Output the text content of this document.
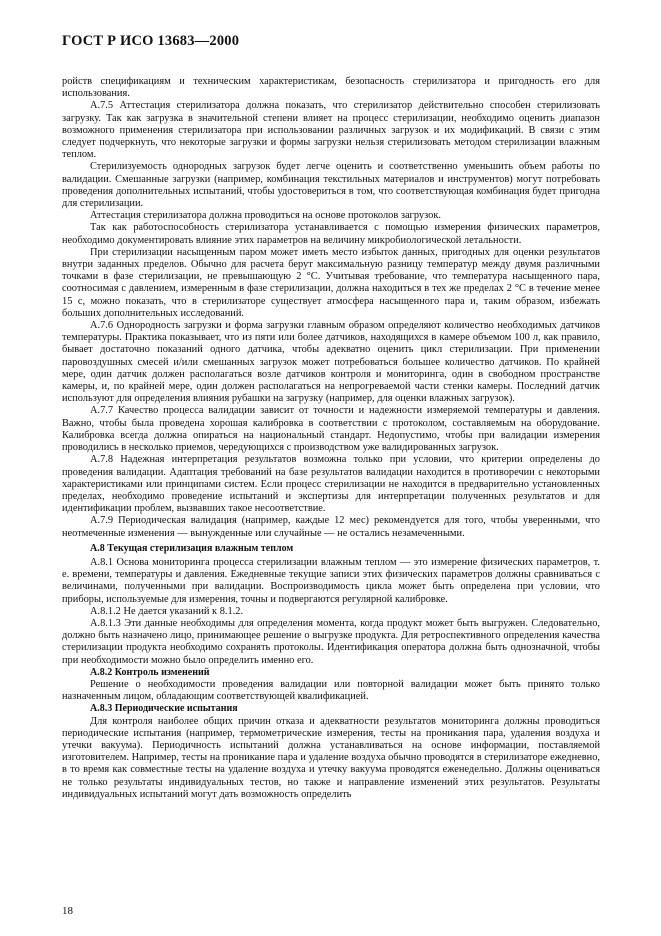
ГОСТ Р ИСО 13683—2000

ройств спецификациям и техническим характеристикам, безопасность стерилизатора и пригодность его для использования.

А.7.5 Аттестация стерилизатора должна показать, что стерилизатор действительно способен стерилизовать загрузку. Так как загрузка в значительной степени влияет на процесс стерилизации, необходимо оценить диапазон возможного применения стерилизатора при использовании различных загрузок и их модификаций. В связи с этим следует подчеркнуть, что некоторые загрузки и формы загрузки нельзя стерилизовать методом стерилизации влажным теплом.

Стерилизуемость однородных загрузок будет легче оценить и соответственно уменьшить объем работы по валидации. Смешанные загрузки (например, комбинация текстильных материалов и инструментов) могут потребовать проведения дополнительных испытаний, чтобы удостовериться в том, что соответствующая комбинация будет пригодна для стерилизации.

Аттестация стерилизатора должна проводиться на основе протоколов загрузок.

Так как работоспособность стерилизатора устанавливается с помощью измерения физических параметров, необходимо документировать влияние этих параметров на величину микробиологической летальности.

При стерилизации насыщенным паром может иметь место избыток данных, пригодных для оценки результатов внутри заданных пределов. Обычно для расчета берут максимальную разницу температур между двумя различными точками в фазе стерилизации, не превышающую 2 °С. Учитывая требование, что температура насыщенного пара, соотносимая с давлением, измеренным в фазе стерилизации, должна находиться в тех же пределах 2 °С в течение менее 15 с, можно показать, что в стерилизаторе существует атмосфера насыщенного пара и, таким образом, избежать больших дополнительных исследований.

А.7.6 Однородность загрузки и форма загрузки главным образом определяют количество необходимых датчиков температуры. Практика показывает, что из пяти или более датчиков, находящихся в камере объемом 100 л, как правило, бывает достаточно показаний одного датчика, чтобы адекватно оценить цикл стерилизации. При применении паровоздушных смесей и/или смешанных загрузок может потребоваться большее количество датчиков. По крайней мере, один датчик должен располагаться возле датчиков контроля и мониторинга, один в свободном пространстве камеры, и, по крайней мере, один должен располагаться на непрогреваемой части стенки камеры. Последний датчик используют для определения влияния рубашки на загрузку (например, для оценки влажных загрузок).

А.7.7 Качество процесса валидации зависит от точности и надежности измеряемой температуры и давления. Важно, чтобы была проведена хорошая калибровка в соответствии с протоколом, составляемым на оборудование. Калибровка всегда должна опираться на национальный стандарт. Недопустимо, чтобы при валидации измерения проводились в несколько приемов, чередующихся с производством уже валидированных загрузок.

А.7.8 Надежная интерпретация результатов возможна только при условии, что критерии определены до проведения валидации. Адаптация требований на базе результатов валидации находится в противоречии с некоторыми характеристиками или принципами систем. Если процесс стерилизации не находится в предварительно установленных пределах, необходимо проведение испытаний и экспертизы для интерпретации полученных результатов и для идентификации проблем, вызвавших такое несоответствие.

А.7.9 Периодическая валидация (например, каждые 12 мес) рекомендуется для того, чтобы уверенными, что неотмеченные изменения — вынужденные или случайные — не остались незамеченными.

А.8 Текущая стерилизация влажным теплом

А.8.1 Основа мониторинга процесса стерилизации влажным теплом — это измерение физических параметров, т. е. времени, температуры и давления. Ежедневные текущие записи этих физических параметров должны сравниваться с величинами, полученными при валидации. Воспроизводимость цикла может быть определена при условии, что приборы, используемые для измерения, точны и подвергаются регулярной калибровке.

А.8.1.2 Не дается указаний к 8.1.2.

А.8.1.3 Эти данные необходимы для определения момента, когда продукт может быть выгружен. Следовательно, должно быть назначено лицо, принимающее решение о выгрузке продукта. Для ретроспективного определения качества стерилизации продукта необходимо сохранять протоколы. Идентификация оператора должна быть однозначной, чтобы при необходимости можно было определить именно его.

А.8.2 Контроль изменений

Решение о необходимости проведения валидации или повторной валидации может быть принято только назначенным лицом, обладающим соответствующей квалификацией.

А.8.3 Периодические испытания

Для контроля наиболее общих причин отказа и адекватности результатов мониторинга должны проводиться периодические испытания (например, термометрические измерения, тесты на проникания пара, удаления воздуха и утечки вакуума). Периодичность испытаний должна устанавливаться на основе информации, поставляемой изготовителем. Например, тесты на проникание пара и удаление воздуха обычно проводятся в стерилизаторе ежедневно, в то время как совместные тесты на удаление воздуха и утечку вакуума проводятся еженедельно. Должны оцениваться не только результаты индивидуальных тестов, но также и направление изменений этих результатов. Результаты индивидуальных испытаний могут дать возможность определить

18
